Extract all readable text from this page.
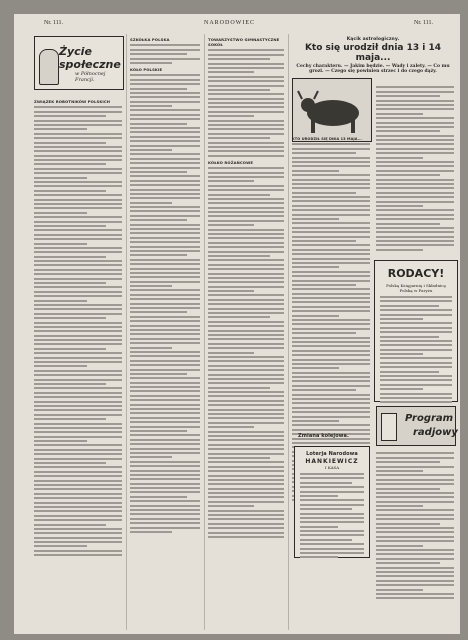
Nr. 111.	NARODOWIEC	Nr. 111.
Życie społeczne
w Północnej Francji.
ZWIĄZEK ROBOTNIKÓW POLSKICH
SZKÓŁKA POLSKA
KOŁO POLSKIE
TOWARZYSTWO GIMNASTYCZNE SOKÓŁ
KÓŁKO RÓŻAŃCOWE
Kącik astrologiczny.
Kto się urodził dnia 13 i 14 maja...
Cechy charakteru. — Jakim będzie. — Wady i zalety. — Co mu grozi. — Czego się powinien strzec i do czego dąży.
KTO URODZIŁ SIĘ DNIA 13 MAJA...
RODACY!
Polską Księgarnię i Składnicę Polską w Paryżu
Program
radjowy
Zmiana kolejowa.
Loterja Narodowa
HANKIEWICZ
I KASA
